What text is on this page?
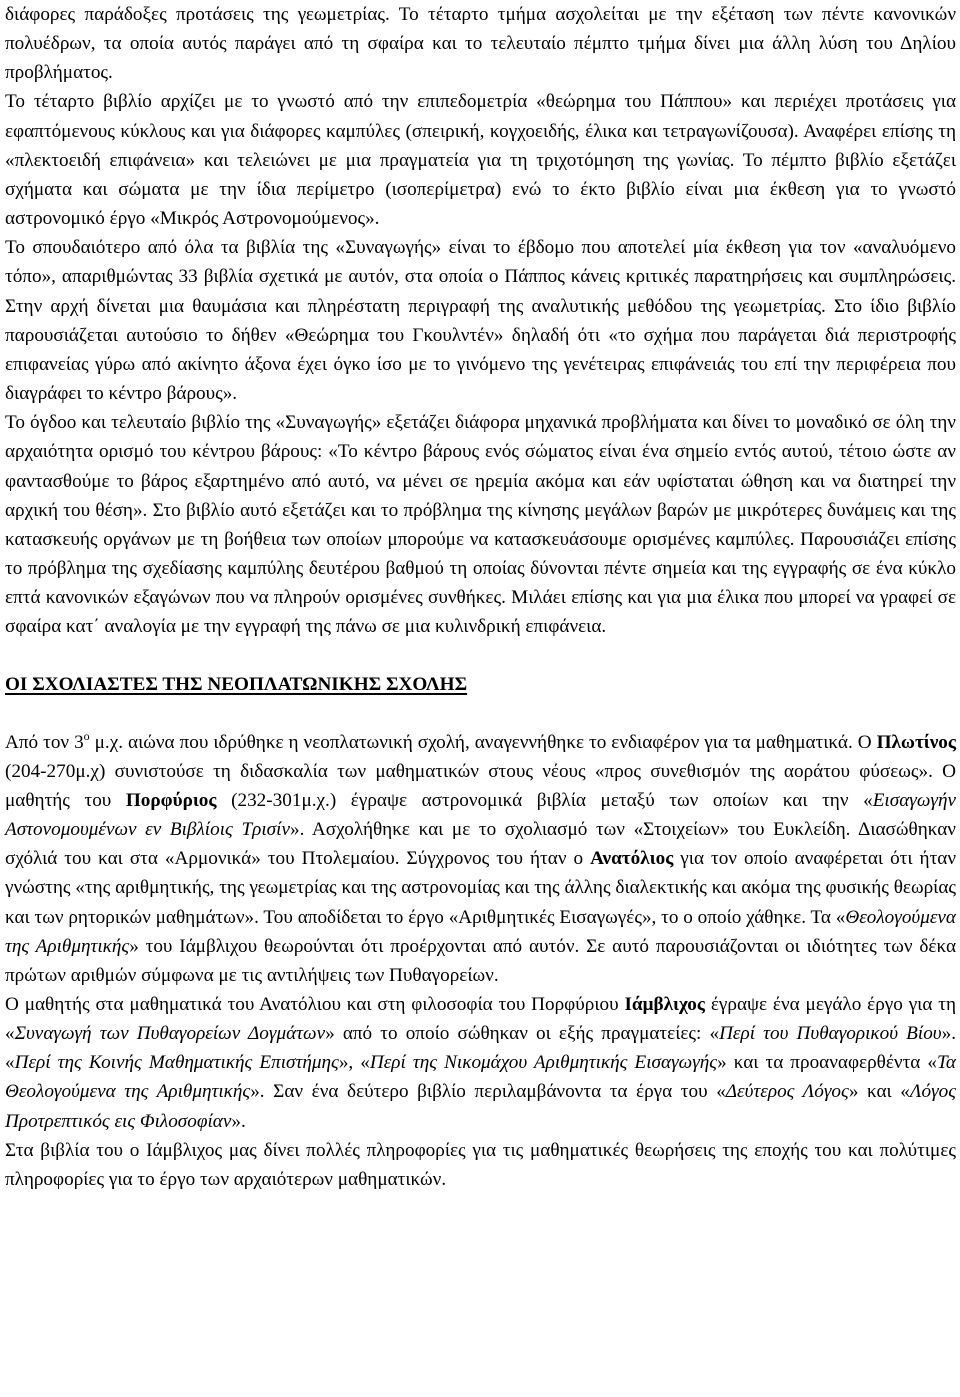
διάφορες παράδοξες προτάσεις της γεωμετρίας. Το τέταρτο τμήμα ασχολείται με την εξέταση των πέντε κανονικών πολυέδρων, τα οποία αυτός παράγει από τη σφαίρα και το τελευταίο πέμπτο τμήμα δίνει μια άλλη λύση του Δηλίου προβλήματος.

Το τέταρτο βιβλίο αρχίζει με το γνωστό από την επιπεδομετρία «θεώρημα του Πάππου» και περιέχει προτάσεις για εφαπτόμενους κύκλους και για διάφορες καμπύλες (σπειρική, κογχοειδής, έλικα και τετραγωνίζουσα). Αναφέρει επίσης τη «πλεκτοειδή επιφάνεια» και τελειώνει με μια πραγματεία για τη τριχοτόμηση της γωνίας. Το πέμπτο βιβλίο εξετάζει σχήματα και σώματα με την ίδια περίμετρο (ισοπερίμετρα) ενώ το έκτο βιβλίο είναι μια έκθεση για το γνωστό αστρονομικό έργο «Μικρός Αστρονομούμενος».

Το σπουδαιότερο από όλα τα βιβλία της «Συναγωγής» είναι το έβδομο που αποτελεί μία έκθεση για τον «αναλυόμενο τόπο», απαριθμώντας 33 βιβλία σχετικά με αυτόν, στα οποία ο Πάππος κάνεις κριτικές παρατηρήσεις και συμπληρώσεις. Στην αρχή δίνεται μια θαυμάσια και πληρέστατη περιγραφή της αναλυτικής μεθόδου της γεωμετρίας. Στο ίδιο βιβλίο παρουσιάζεται αυτούσιο το δήθεν «Θεώρημα του Γκουλντέν» δηλαδή ότι «το σχήμα που παράγεται διά περιστροφής επιφανείας γύρω από ακίνητο άξονα έχει όγκο ίσο με το γινόμενο της γενέτειρας επιφάνειάς του επί την περιφέρεια που διαγράφει το κέντρο βάρους».

Το όγδοο και τελευταίο βιβλίο της «Συναγωγής» εξετάζει διάφορα μηχανικά προβλήματα και δίνει το μοναδικό σε όλη την αρχαιότητα ορισμό του κέντρου βάρους: «Το κέντρο βάρους ενός σώματος είναι ένα σημείο εντός αυτού, τέτοιο ώστε αν φαντασθούμε το βάρος εξαρτημένο από αυτό, να μένει σε ηρεμία ακόμα και εάν υφίσταται ώθηση και να διατηρεί την αρχική του θέση». Στο βιβλίο αυτό εξετάζει και το πρόβλημα της κίνησης μεγάλων βαρών με μικρότερες δυνάμεις και της κατασκευής οργάνων με τη βοήθεια των οποίων μπορούμε να κατασκευάσουμε ορισμένες καμπύλες. Παρουσιάζει επίσης το πρόβλημα της σχεδίασης καμπύλης δευτέρου βαθμού τη οποίας δύνονται πέντε σημεία και της εγγραφής σε ένα κύκλο επτά κανονικών εξαγώνων που να πληρούν ορισμένες συνθήκες. Μιλάει επίσης και για μια έλικα που μπορεί να γραφεί σε σφαίρα κατ΄ αναλογία με την εγγραφή της πάνω σε μια κυλινδρική επιφάνεια.

ΟΙ ΣΧΟΛΙΑΣΤΕΣ ΤΗΣ ΝΕΟΠΛΑΤΩΝΙΚΗΣ ΣΧΟΛΗΣ

Από τον $3^o$ μ.χ. αιώνα που ιδρύθηκε η νεοπλατωνική σχολή, αναγεννήθηκε το ενδιαφέρον για τα μαθηματικά. Ο Πλωτίνος (204-270μ.χ) συνιστούσε τη διδασκαλία των μαθηματικών στους νέους «προς συνεθισμόν της αοράτου φύσεως». Ο μαθητής του Πορφύριος (232-301μ.χ.) έγραψε αστρονομικά βιβλία μεταξύ των οποίων και την «Εισαγωγήν Αστονομουμένων εν Βιβλίοις Τρισίν». Ασχολήθηκε και με το σχολιασμό των «Στοιχείων» του Ευκλείδη. Διασώθηκαν σχόλιά του και στα «Αρμονικά» του Πτολεμαίου. Σύγχρονος του ήταν ο Ανατόλιος για τον οποίο αναφέρεται ότι ήταν γνώστης «της αριθμητικής, της γεωμετρίας και της αστρονομίας και της άλλης διαλεκτικής και ακόμα της φυσικής θεωρίας και των ρητορικών μαθημάτων». Του αποδίδεται το έργο «Αριθμητικές Εισαγωγές», το ο οποίο χάθηκε. Τα «Θεολογούμενα της Αριθμητικής» του Ιάμβλιχου θεωρούνται ότι προέρχονται από αυτόν. Σε αυτό παρουσιάζονται οι ιδιότητες των δέκα πρώτων αριθμών σύμφωνα με τις αντιλήψεις των Πυθαγορείων.

Ο μαθητής στα μαθηματικά του Ανατόλιου και στη φιλοσοφία του Πορφύριου Ιάμβλιχος έγραψε ένα μεγάλο έργο για τη «Συναγωγή των Πυθαγορείων Δογμάτων» από το οποίο σώθηκαν οι εξής πραγματείες: «Περί του Πυθαγορικού Βίου». «Περί της Κοινής Μαθηματικής Επιστήμης», «Περί της Νικομάχου Αριθμητικής Εισαγωγής» και τα προαναφερθέντα «Τα Θεολογούμενα της Αριθμητικής». Σαν ένα δεύτερο βιβλίο περιλαμβάνοντα τα έργα του «Δεύτερος Λόγος» και «Λόγος Προτρεπτικός εις Φιλοσοφίαν».

Στα βιβλία του ο Ιάμβλιχος μας δίνει πολλές πληροφορίες για τις μαθηματικές θεωρήσεις της εποχής του και πολύτιμες πληροφορίες για το έργο των αρχαιότερων μαθηματικών.
